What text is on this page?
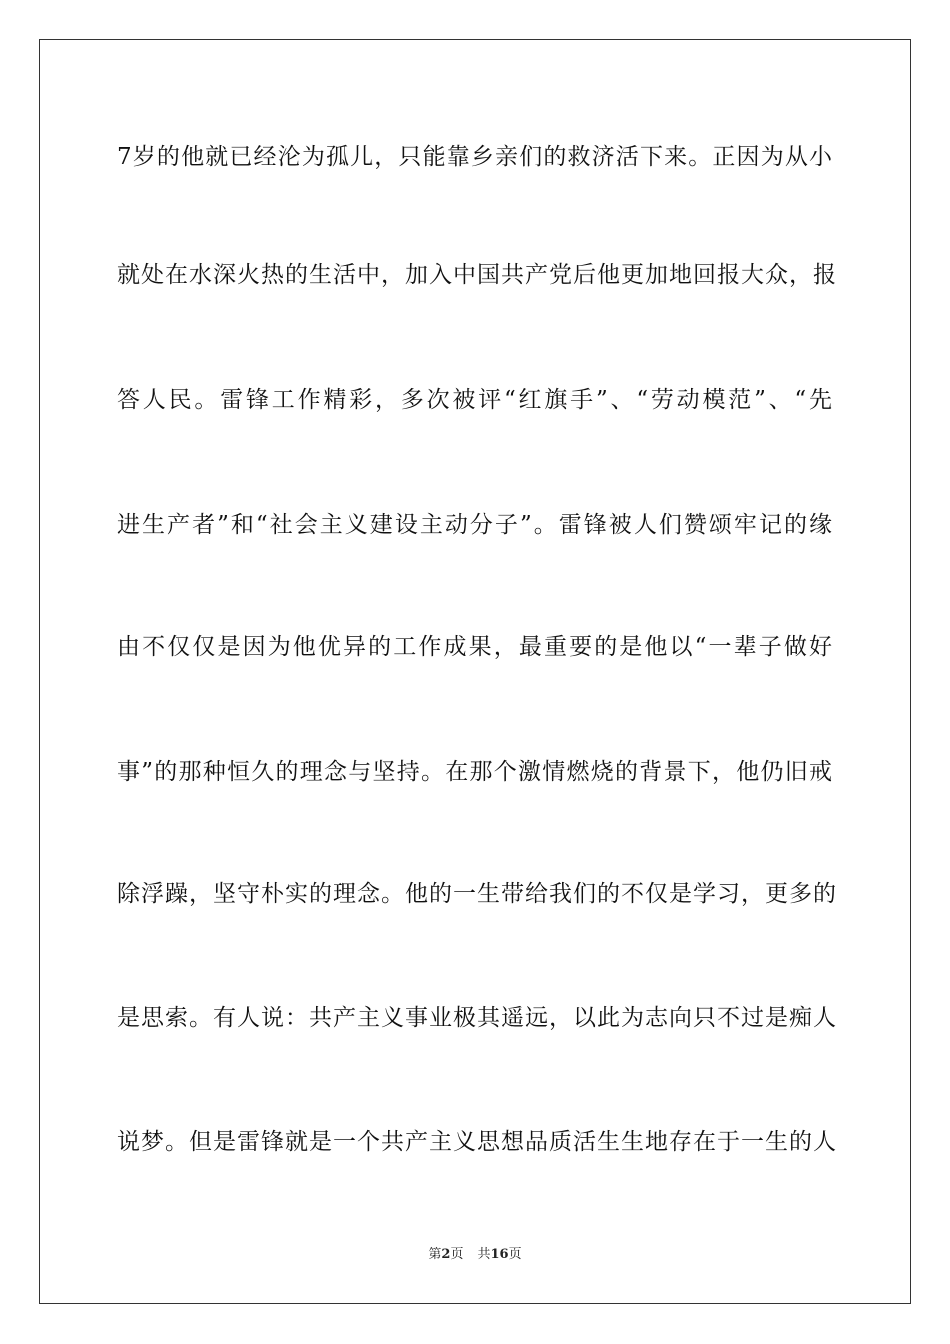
7岁的他就已经沦为孤儿，只能靠乡亲们的救济活下来。正因为从小
就处在水深火热的生活中，加入中国共产党后他更加地回报大众，报
答人民。雷锋工作精彩，多次被评“红旗手”、“劳动模范”、“先
进生产者”和“社会主义建设主动分子”。雷锋被人们赞颂牢记的缘
由不仅仅是因为他优异的工作成果，最重要的是他以“一辈子做好
事”的那种恒久的理念与坚持。在那个激情燃烧的背景下，他仍旧戒
除浮躁，坚守朴实的理念。他的一生带给我们的不仅是学习，更多的
是思索。有人说：共产主义事业极其遥远，以此为志向只不过是痴人
说梦。但是雷锋就是一个共产主义思想品质活生生地存在于一生的人
第2页 共16页
